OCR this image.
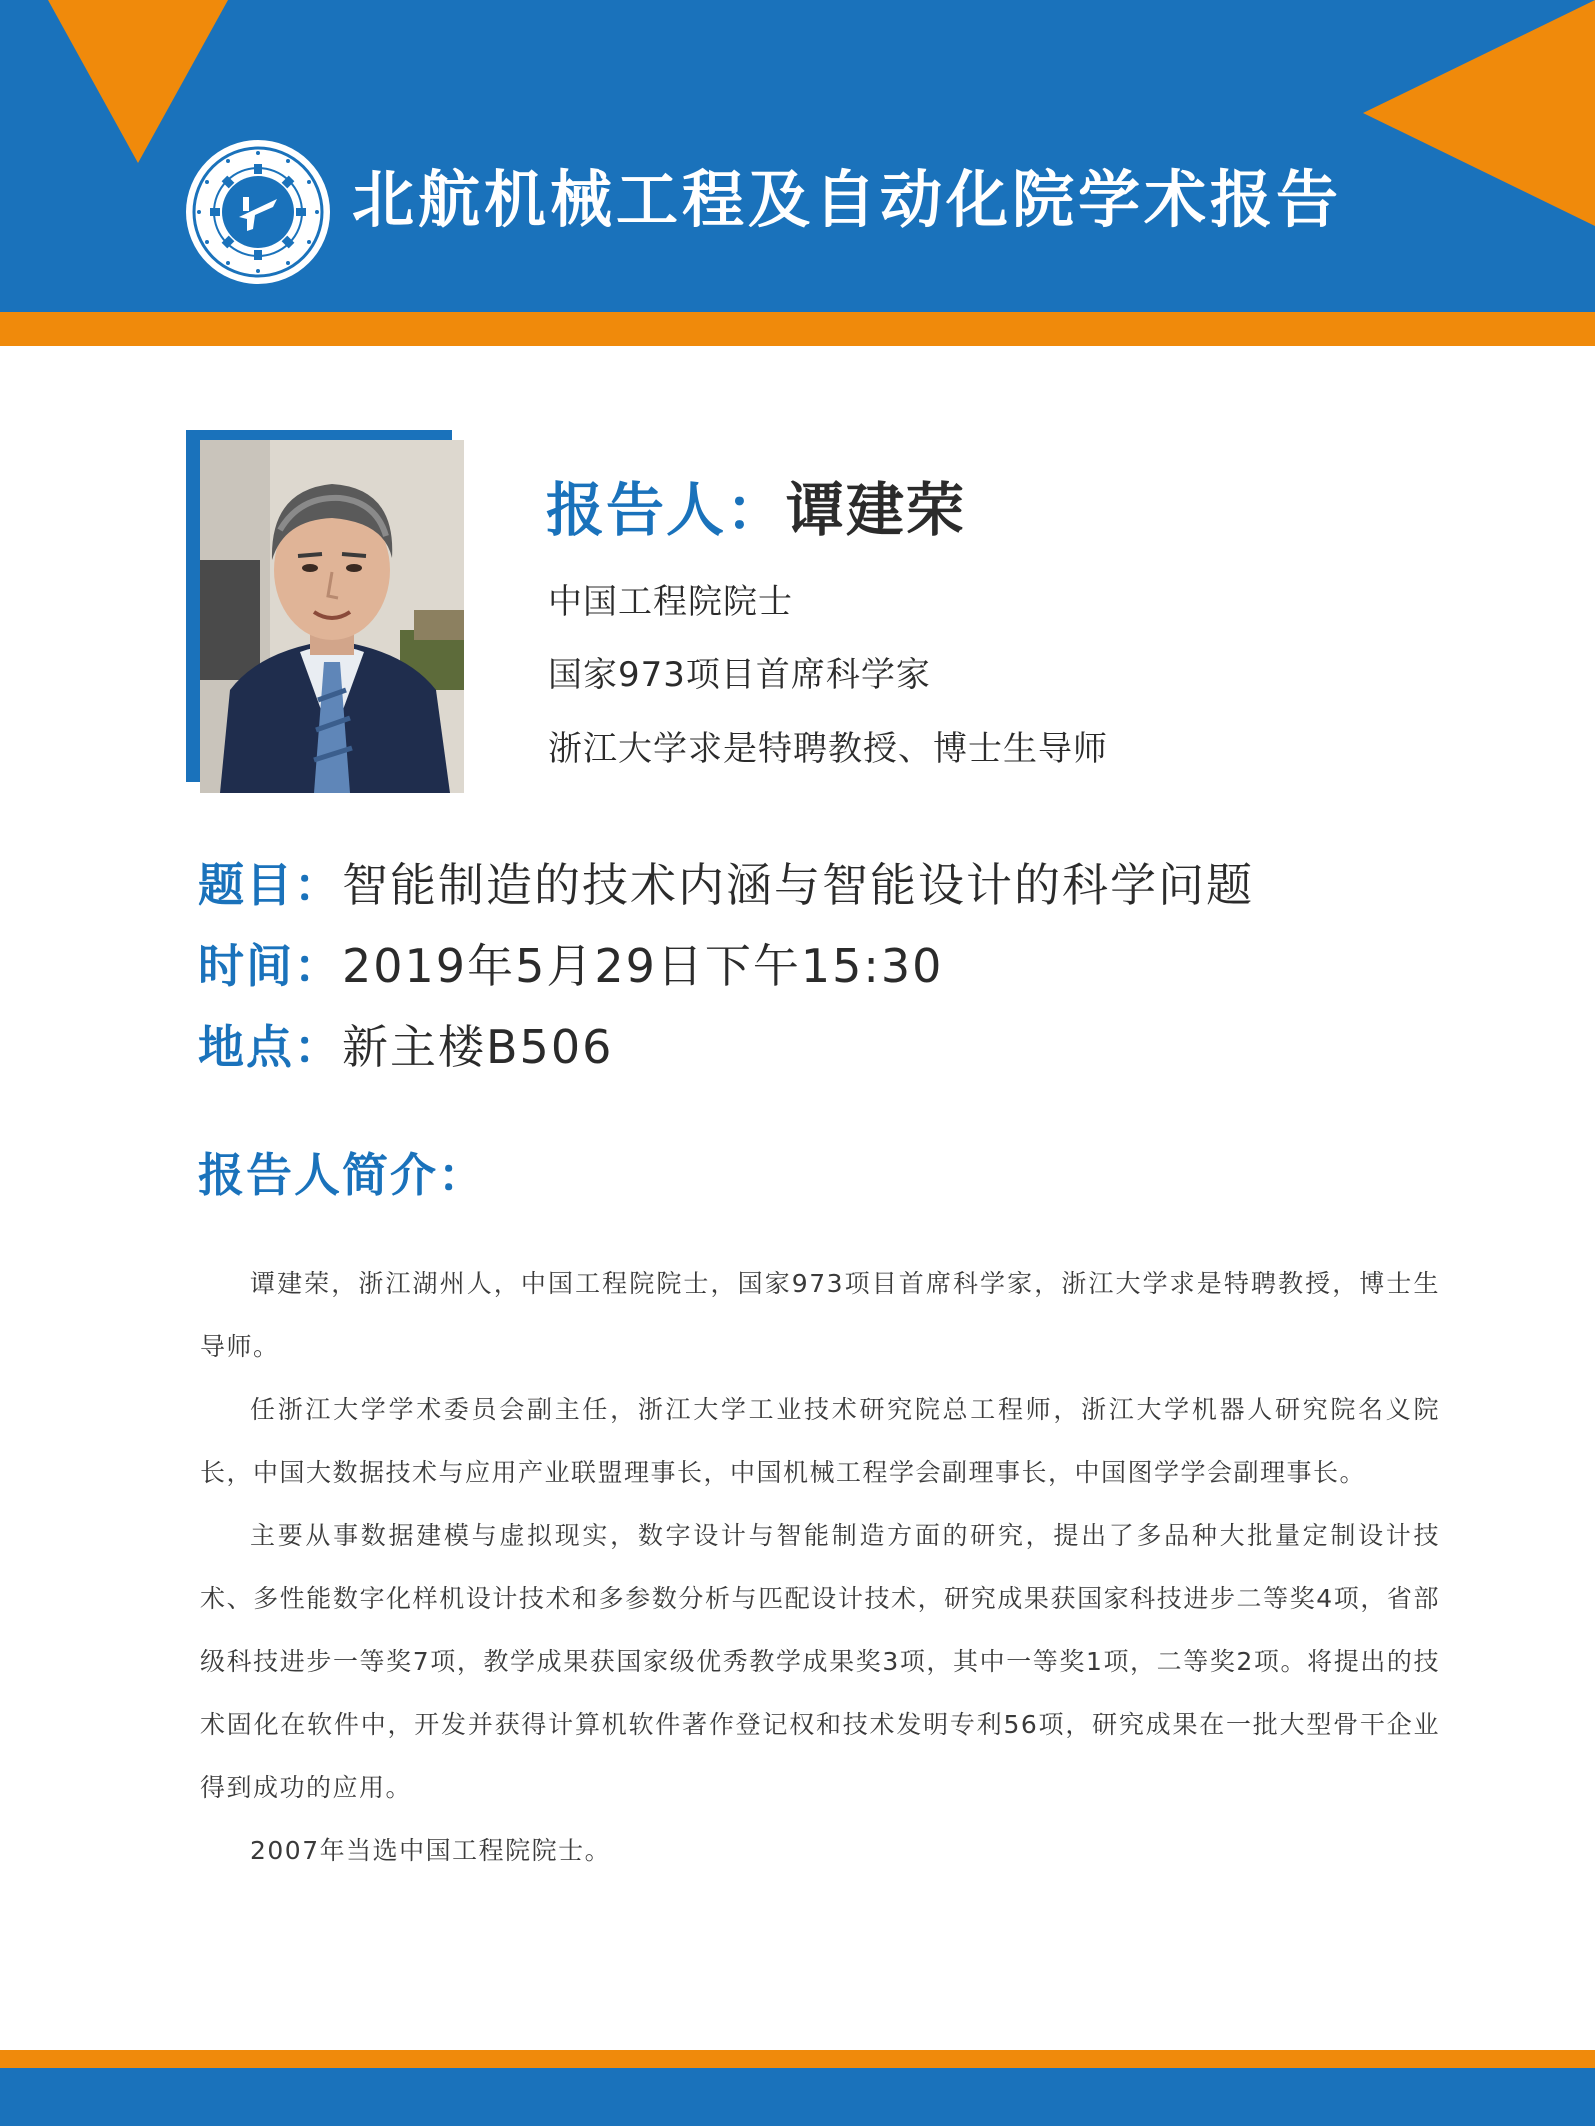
北航机械工程及自动化院学术报告
报告人：谭建荣
中国工程院院士
国家973项目首席科学家
浙江大学求是特聘教授、博士生导师
题目：智能制造的技术内涵与智能设计的科学问题
时间：2019年5月29日下午15:30
地点：新主楼B506
报告人简介：

谭建荣，浙江湖州人，中国工程院院士，国家973项目首席科学家，浙江大学求是特聘教授，博士生导师。

任浙江大学学术委员会副主任，浙江大学工业技术研究院总工程师，浙江大学机器人研究院名义院长，中国大数据技术与应用产业联盟理事长，中国机械工程学会副理事长，中国图学学会副理事长。

主要从事数据建模与虚拟现实，数字设计与智能制造方面的研究，提出了多品种大批量定制设计技术、多性能数字化样机设计技术和多参数分析与匹配设计技术，研究成果获国家科技进步二等奖4项，省部级科技进步一等奖7项，教学成果获国家级优秀教学成果奖3项，其中一等奖1项，二等奖2项。将提出的技术固化在软件中，开发并获得计算机软件著作登记权和技术发明专利56项，研究成果在一批大型骨干企业得到成功的应用。

2007年当选中国工程院院士。
